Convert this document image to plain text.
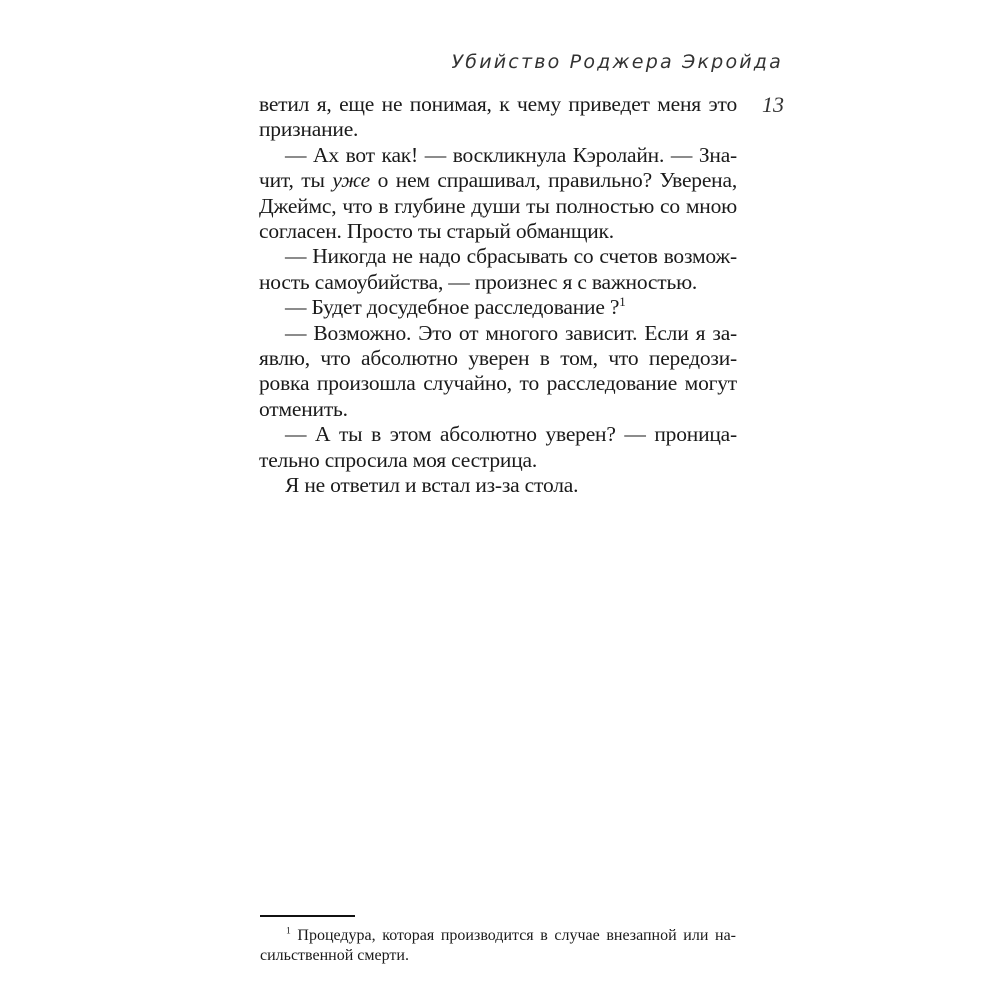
Убийство Роджера Экройда
13
ветил я, еще не понимая, к чему приведет меня это
признание.
— Ах вот как! — воскликнула Кэролайн. — Зна-
чит, ты уже о нем спрашивал, правильно? Уверена,
Джеймс, что в глубине души ты полностью со мною
согласен. Просто ты старый обманщик.
— Никогда не надо сбрасывать со счетов возмож-
ность самоубийства, — произнес я с важностью.
— Будет досудебное расследование ?$^1$
— Возможно. Это от многого зависит. Если я за-
явлю, что абсолютно уверен в том, что передози-
ровка произошла случайно, то расследование могут
отменить.
— А ты в этом абсолютно уверен? — проница-
тельно спросила моя сестрица.
Я не ответил и встал из-за стола.
$^1$ Процедура, которая производится в случае внезапной или на-
сильственной смерти.
